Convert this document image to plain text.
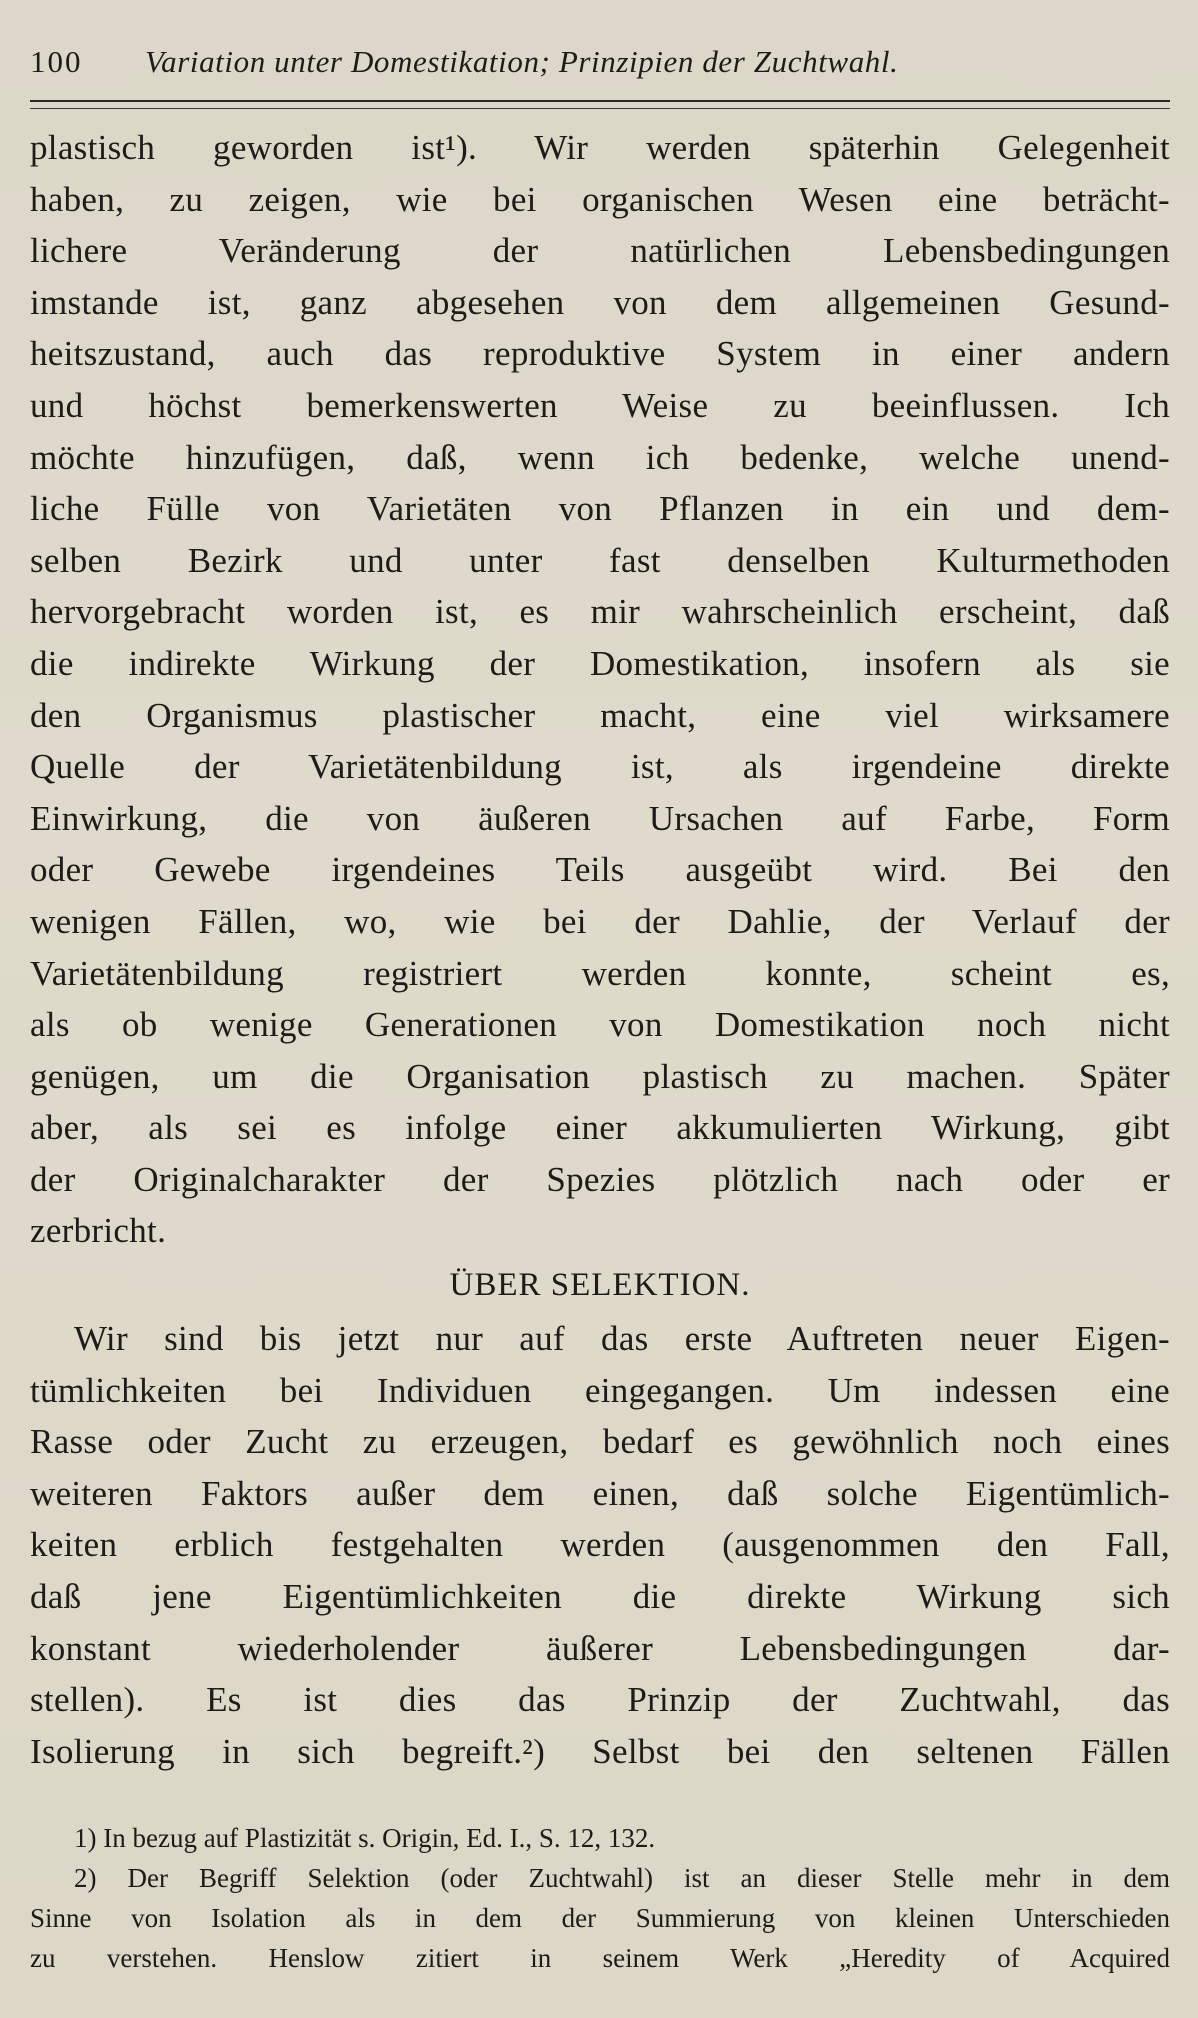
100 Variation unter Domestikation; Prinzipien der Zuchtwahl.
plastisch geworden ist¹). Wir werden späterhin Gelegenheit
haben, zu zeigen, wie bei organischen Wesen eine beträcht-
lichere Veränderung der natürlichen Lebensbedingungen
imstande ist, ganz abgesehen von dem allgemeinen Gesund-
heitszustand, auch das reproduktive System in einer andern
und höchst bemerkenswerten Weise zu beeinflussen. Ich
möchte hinzufügen, daß, wenn ich bedenke, welche unend-
liche Fülle von Varietäten von Pflanzen in ein und dem-
selben Bezirk und unter fast denselben Kulturmethoden
hervorgebracht worden ist, es mir wahrscheinlich erscheint, daß
die indirekte Wirkung der Domestikation, insofern als sie
den Organismus plastischer macht, eine viel wirksamere
Quelle der Varietätenbildung ist, als irgendeine direkte
Einwirkung, die von äußeren Ursachen auf Farbe, Form
oder Gewebe irgendeines Teils ausgeübt wird. Bei den
wenigen Fällen, wo, wie bei der Dahlie, der Verlauf der
Varietätenbildung registriert werden konnte, scheint es,
als ob wenige Generationen von Domestikation noch nicht
genügen, um die Organisation plastisch zu machen. Später
aber, als sei es infolge einer akkumulierten Wirkung, gibt
der Originalcharakter der Spezies plötzlich nach oder er
zerbricht.
ÜBER SELEKTION.
Wir sind bis jetzt nur auf das erste Auftreten neuer Eigen-
tümlichkeiten bei Individuen eingegangen. Um indessen eine
Rasse oder Zucht zu erzeugen, bedarf es gewöhnlich noch eines
weiteren Faktors außer dem einen, daß solche Eigentümlich-
keiten erblich festgehalten werden (ausgenommen den Fall,
daß jene Eigentümlichkeiten die direkte Wirkung sich
konstant wiederholender äußerer Lebensbedingungen dar-
stellen). Es ist dies das Prinzip der Zuchtwahl, das
Isolierung in sich begreift.²) Selbst bei den seltenen Fällen
1) In bezug auf Plastizität s. Origin, Ed. I., S. 12, 132.
2) Der Begriff Selektion (oder Zuchtwahl) ist an dieser Stelle mehr in dem
Sinne von Isolation als in dem der Summierung von kleinen Unterschieden
zu verstehen. Henslow zitiert in seinem Werk „Heredity of Acquired
